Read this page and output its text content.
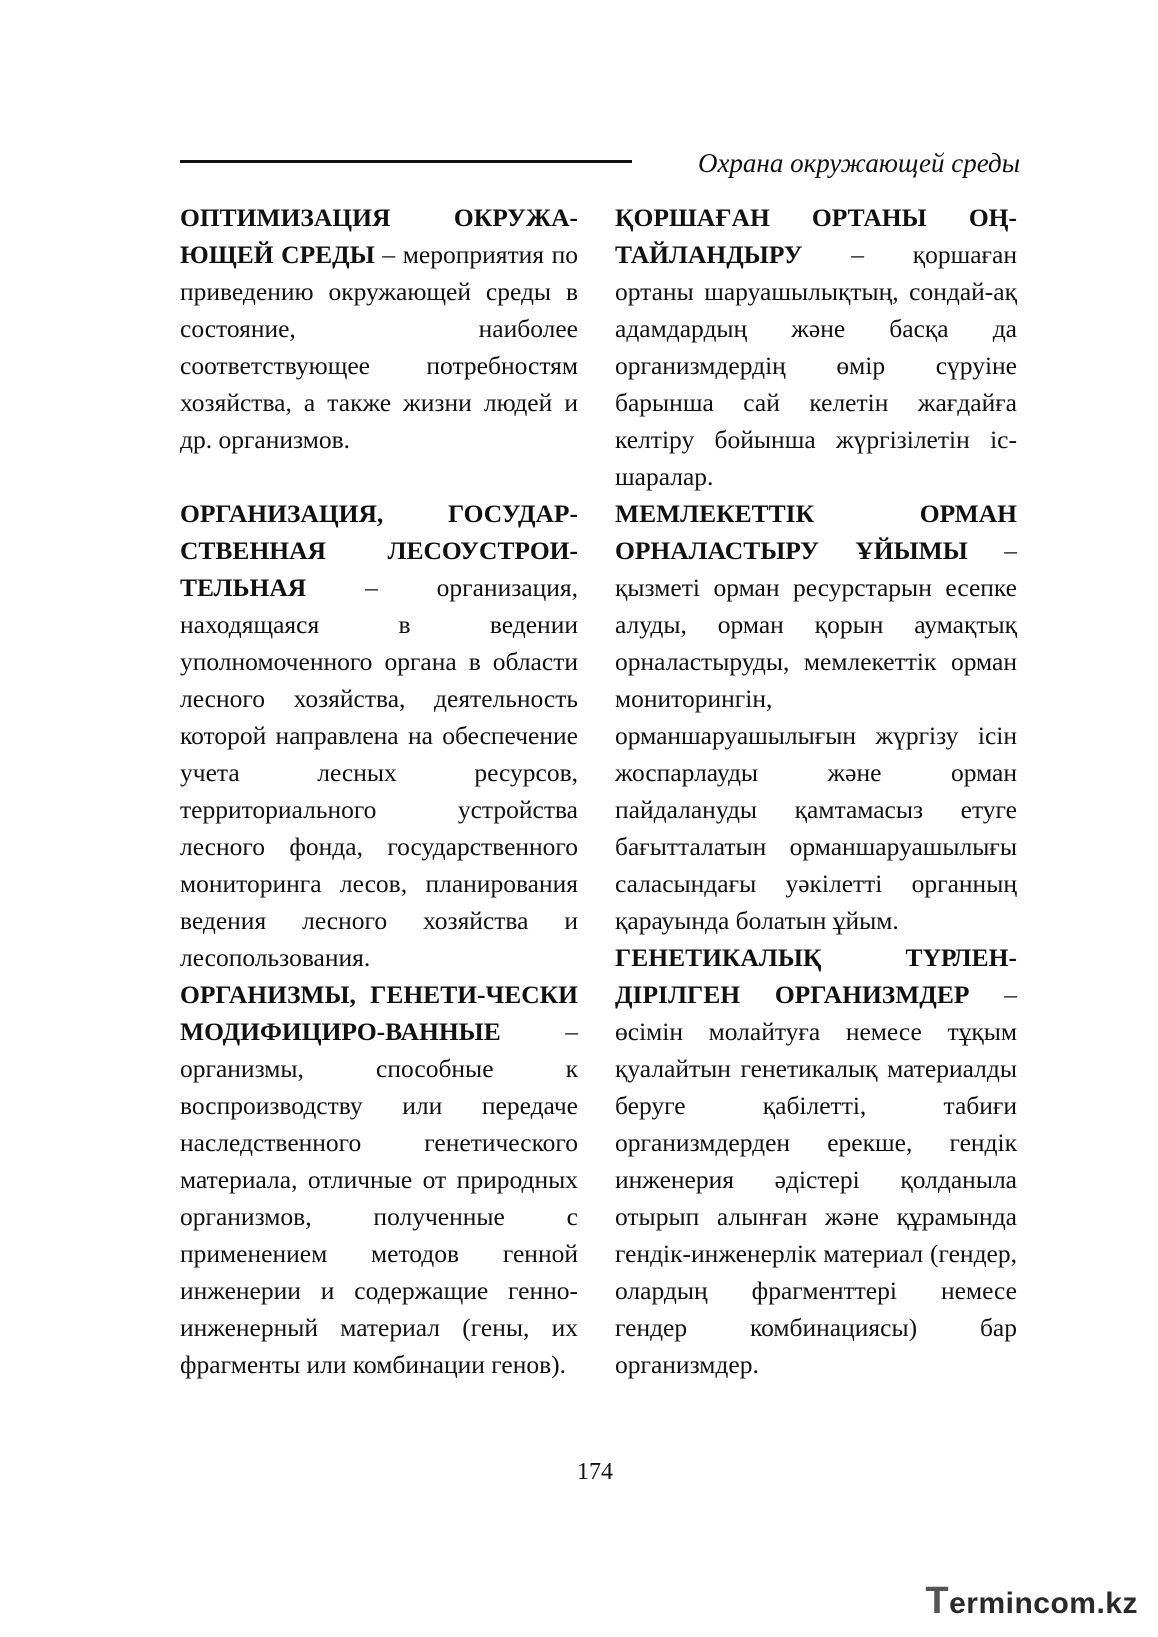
Охрана окружающей среды

ОПТИМИЗАЦИЯ ОКРУЖА-ЮЩЕЙ СРЕДЫ – мероприятия по приведению окружающей среды в состояние, наиболее соответствующее потребностям хозяйства, а также жизни людей и др. организмов.

ОРГАНИЗАЦИЯ, ГОСУДАР-СТВЕННАЯ ЛЕСОУСТРОИ-ТЕЛЬНАЯ – организация, находящаяся в ведении уполномоченного органа в области лесного хозяйства, деятельность которой направлена на обеспечение учета лесных ресурсов, территориального устройства лесного фонда, государственного мониторинга лесов, планирования ведения лесного хозяйства и лесопользования.

ОРГАНИЗМЫ, ГЕНЕТИ-ЧЕСКИ МОДИФИЦИРО-ВАННЫЕ – организмы, способные к воспроизводству или передаче наследственного генетического материала, отличные от природных организмов, полученные с применением методов генной инженерии и содержащие генно-инженерный материал (гены, их фрагменты или комбинации генов).

ҚОРШАҒАН ОРТАНЫ ОҢ-ТАЙЛАНДЫРУ – қоршаған ортаны шаруашылықтың, сондай-ақ адамдардың және басқа да организмдердің өмір сүруіне барынша сай келетін жағдайға келтіру бойынша жүргізілетін іс-шаралар.

МЕМЛЕКЕТТІК ОРМАН ОРНАЛАСТЫРУ ҰЙЫМЫ – қызметі орман ресурстарын есепке алуды, орман қорын аумақтық орналастыруды, мемлекеттік орман мониторингін, орманшаруашылығын жүргізу ісін жоспарлауды және орман пайдалануды қамтамасыз етуге бағытталатын орманшаруашылығы саласындағы уәкілетті органның қарауында болатын ұйым.

ГЕНЕТИКАЛЫҚ ТҮРЛЕН-ДІРІЛГЕН ОРГАНИЗМДЕР – өсімін молайтуға немесе тұқым қуалайтын генетикалық материалды беруге қабілетті, табиғи организмдерден ерекше, гендік инженерия әдістері қолданыла отырып алынған және құрамында гендік-инженерлік материал (гендер, олардың фрагменттері немесе гендер комбинациясы) бар организмдер.

174
Termincom.kz
